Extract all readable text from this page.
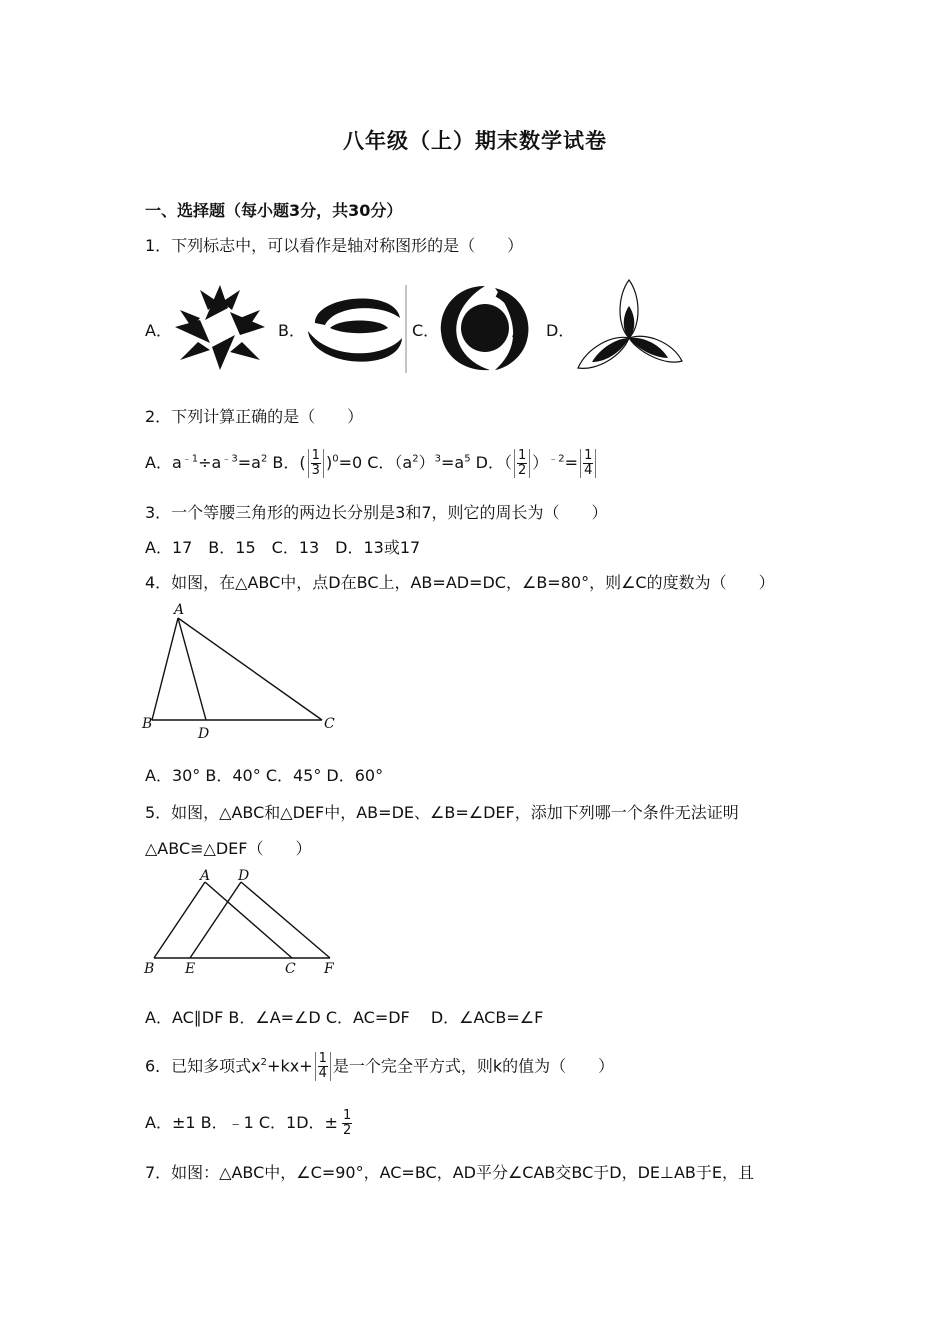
八年级（上）期末数学试卷
一、选择题（每小题3分，共30分）
1．下列标志中，可以看作是轴对称图形的是（　　）
A．	B．	C．	D．
2．下列计算正确的是（　　）
A．$a^{﹣1}\div a^{﹣3}=a^2$ B．( $\frac{1}{3} )^0=0$ C．$(a^2)^3=a^5$ D．（ $\frac{1}{2} )^{﹣2}= \frac{1}{4}$
3．一个等腰三角形的两边长分别是3和7，则它的周长为（　　）
A．17　B．15　C．13　D．13或17
4．如图，在△ABC中，点D在BC上，AB=AD=DC，∠B=80°，则∠C的度数为（　　）
A
B
D
C
A．30° B．40° C．45° D．60°
5．如图，△ABC和△DEF中，AB=DE、∠B=∠DEF，添加下列哪一个条件无法证明
△ABC≌△DEF（　　）
A D
B E	C F
A．AC∥DF B．∠A=∠D C．AC=DF　 D．∠ACB=∠F
6．已知多项式$x^2+kx+ \frac{1}{4}$ 是一个完全平方式，则k的值为（　　）
A．±1 B．﹣1 C．1D．± $\frac{1}{2}$
7．如图：△ABC中，∠C=90°，AC=BC，AD平分∠CAB交BC于D，DE⊥AB于E，且
